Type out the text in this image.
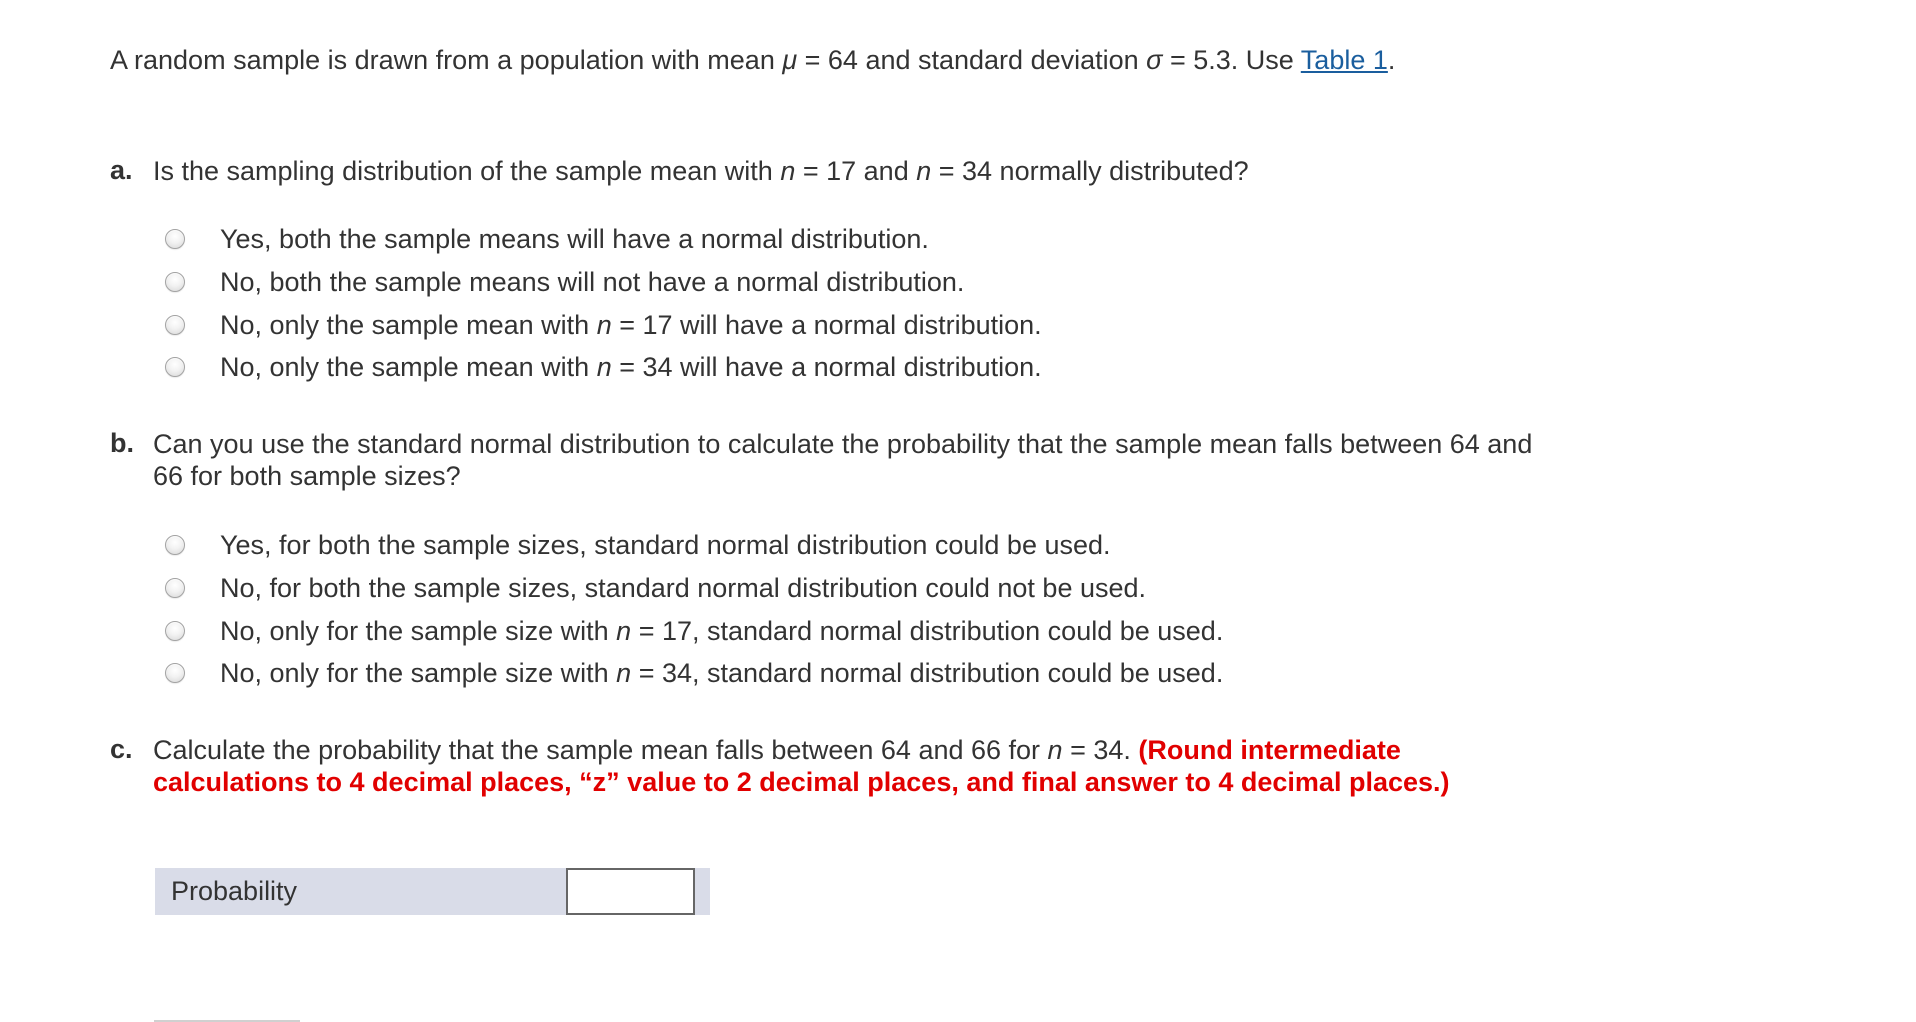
A random sample is drawn from a population with mean μ = 64 and standard deviation σ = 5.3. Use Table 1.
a. Is the sampling distribution of the sample mean with n = 17 and n = 34 normally distributed?
Yes, both the sample means will have a normal distribution.
No, both the sample means will not have a normal distribution.
No, only the sample mean with n = 17 will have a normal distribution.
No, only the sample mean with n = 34 will have a normal distribution.
b. Can you use the standard normal distribution to calculate the probability that the sample mean falls between 64 and 66 for both sample sizes?
Yes, for both the sample sizes, standard normal distribution could be used.
No, for both the sample sizes, standard normal distribution could not be used.
No, only for the sample size with n = 17, standard normal distribution could be used.
No, only for the sample size with n = 34, standard normal distribution could be used.
c. Calculate the probability that the sample mean falls between 64 and 66 for n = 34. (Round intermediate calculations to 4 decimal places, “z” value to 2 decimal places, and final answer to 4 decimal places.)
Probability
